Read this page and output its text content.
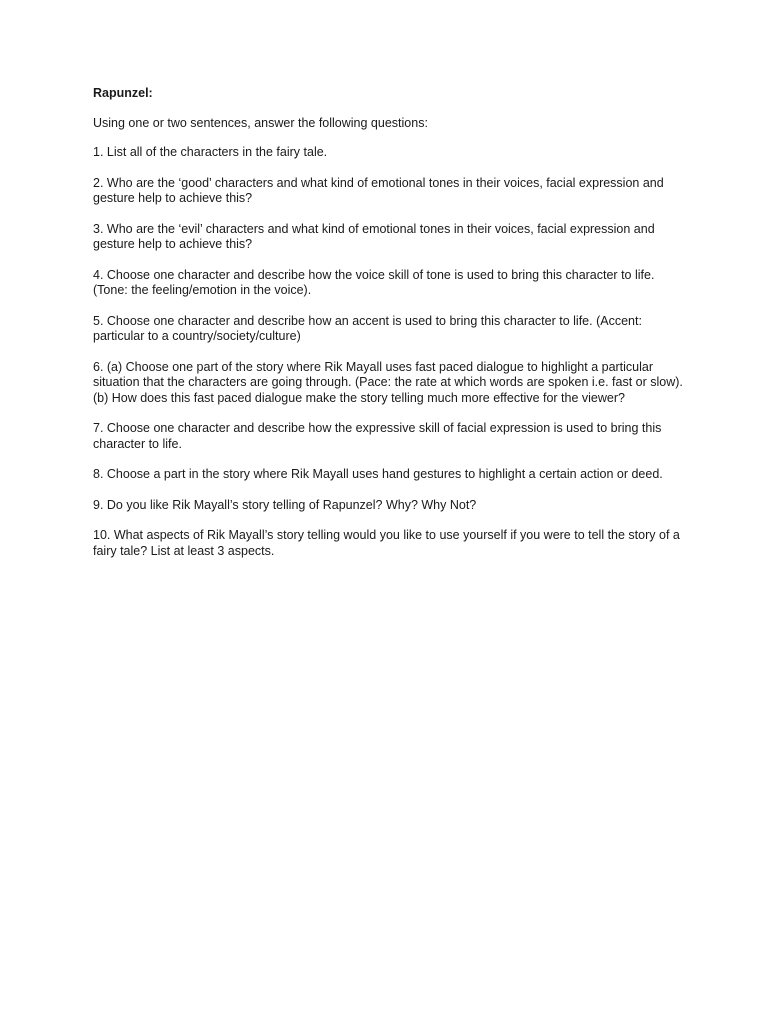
Rapunzel:
Using one or two sentences, answer the following questions:
1. List all of the characters in the fairy tale.
2. Who are the ‘good’ characters and what kind of emotional tones in their voices, facial expression and gesture help to achieve this?
3. Who are the ‘evil’ characters and what kind of emotional tones in their voices, facial expression and gesture help to achieve this?
4. Choose one character and describe how the voice skill of tone is used to bring this character to life. (Tone: the feeling/emotion in the voice).
5. Choose one character and describe how an accent is used to bring this character to life. (Accent: particular to a country/society/culture)
6. (a) Choose one part of the story where Rik Mayall uses fast paced dialogue to highlight a particular situation that the characters are going through. (Pace: the rate at which words are spoken i.e. fast or slow).
(b) How does this fast paced dialogue make the story telling much more effective for the viewer?
7. Choose one character and describe how the expressive skill of facial expression is used to bring this character to life.
8. Choose a part in the story where Rik Mayall uses hand gestures to highlight a certain action or deed.
9. Do you like Rik Mayall’s story telling of Rapunzel? Why? Why Not?
10. What aspects of Rik Mayall’s story telling would you like to use yourself if you were to tell the story of a fairy tale? List at least 3 aspects.
